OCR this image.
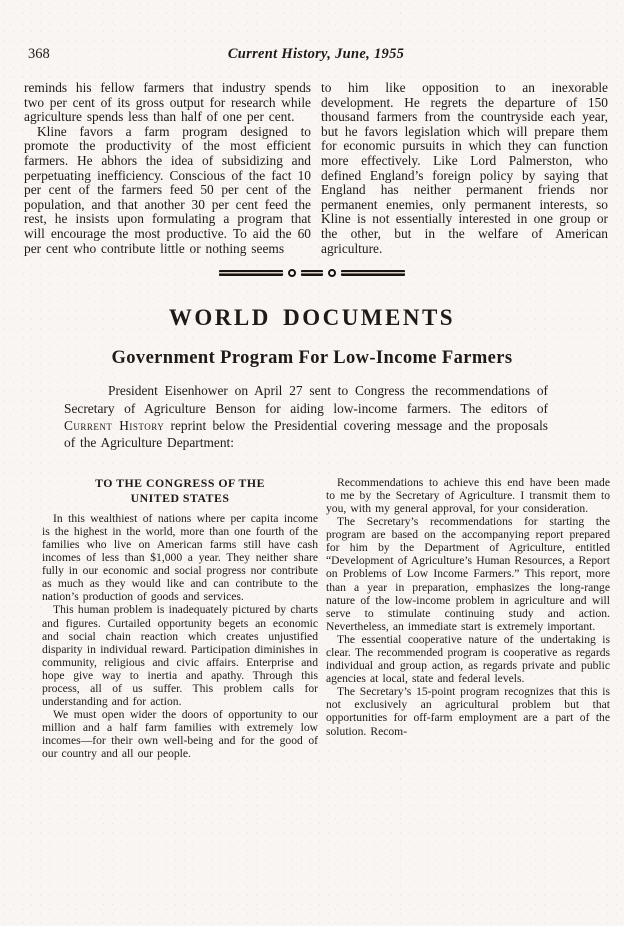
368	Current History, June, 1955

reminds his fellow farmers that industry spends two per cent of its gross output for research while agriculture spends less than half of one per cent.

Kline favors a farm program designed to promote the productivity of the most efficient farmers. He abhors the idea of subsidizing and perpetuating inefficiency. Conscious of the fact 10 per cent of the farmers feed 50 per cent of the population, and that another 30 per cent feed the rest, he insists upon formulating a program that will encourage the most productive. To aid the 60 per cent who contribute little or nothing seems

to him like opposition to an inexorable development. He regrets the departure of 150 thousand farmers from the countryside each year, but he favors legislation which will prepare them for economic pursuits in which they can function more effectively. Like Lord Palmerston, who defined England’s foreign policy by saying that England has neither permanent friends nor permanent enemies, only permanent interests, so Kline is not essentially interested in one group or the other, but in the welfare of American agriculture.

WORLD DOCUMENTS
Government Program For Low-Income Farmers

President Eisenhower on April 27 sent to Congress the recommendations of Secretary of Agriculture Benson for aiding low-income farmers. The editors of Current History reprint below the Presidential covering message and the proposals of the Agriculture Department:

TO THE CONGRESS OF THE
UNITED STATES

In this wealthiest of nations where per capita income is the highest in the world, more than one fourth of the families who live on American farms still have cash incomes of less than $1,000 a year. They neither share fully in our economic and social progress nor contribute as much as they would like and can contribute to the nation’s production of goods and services.

This human problem is inadequately pictured by charts and figures. Curtailed opportunity begets an economic and social chain reaction which creates unjustified disparity in individual reward. Participation diminishes in community, religious and civic affairs. Enterprise and hope give way to inertia and apathy. Through this process, all of us suffer. This problem calls for understanding and for action.

We must open wider the doors of opportunity to our million and a half farm families with extremely low incomes—for their own well-being and for the good of our country and all our people.

Recommendations to achieve this end have been made to me by the Secretary of Agriculture. I transmit them to you, with my general approval, for your consideration.

The Secretary’s recommendations for starting the program are based on the accompanying report prepared for him by the Department of Agriculture, entitled “Development of Agriculture’s Human Resources, a Report on Problems of Low Income Farmers.” This report, more than a year in preparation, emphasizes the long-range nature of the low-income problem in agriculture and will serve to stimulate continuing study and action. Nevertheless, an immediate start is extremely important.

The essential cooperative nature of the undertaking is clear. The recommended program is cooperative as regards individual and group action, as regards private and public agencies at local, state and federal levels.

The Secretary’s 15-point program recognizes that this is not exclusively an agricultural problem but that opportunities for off-farm employment are a part of the solution. Recom-
